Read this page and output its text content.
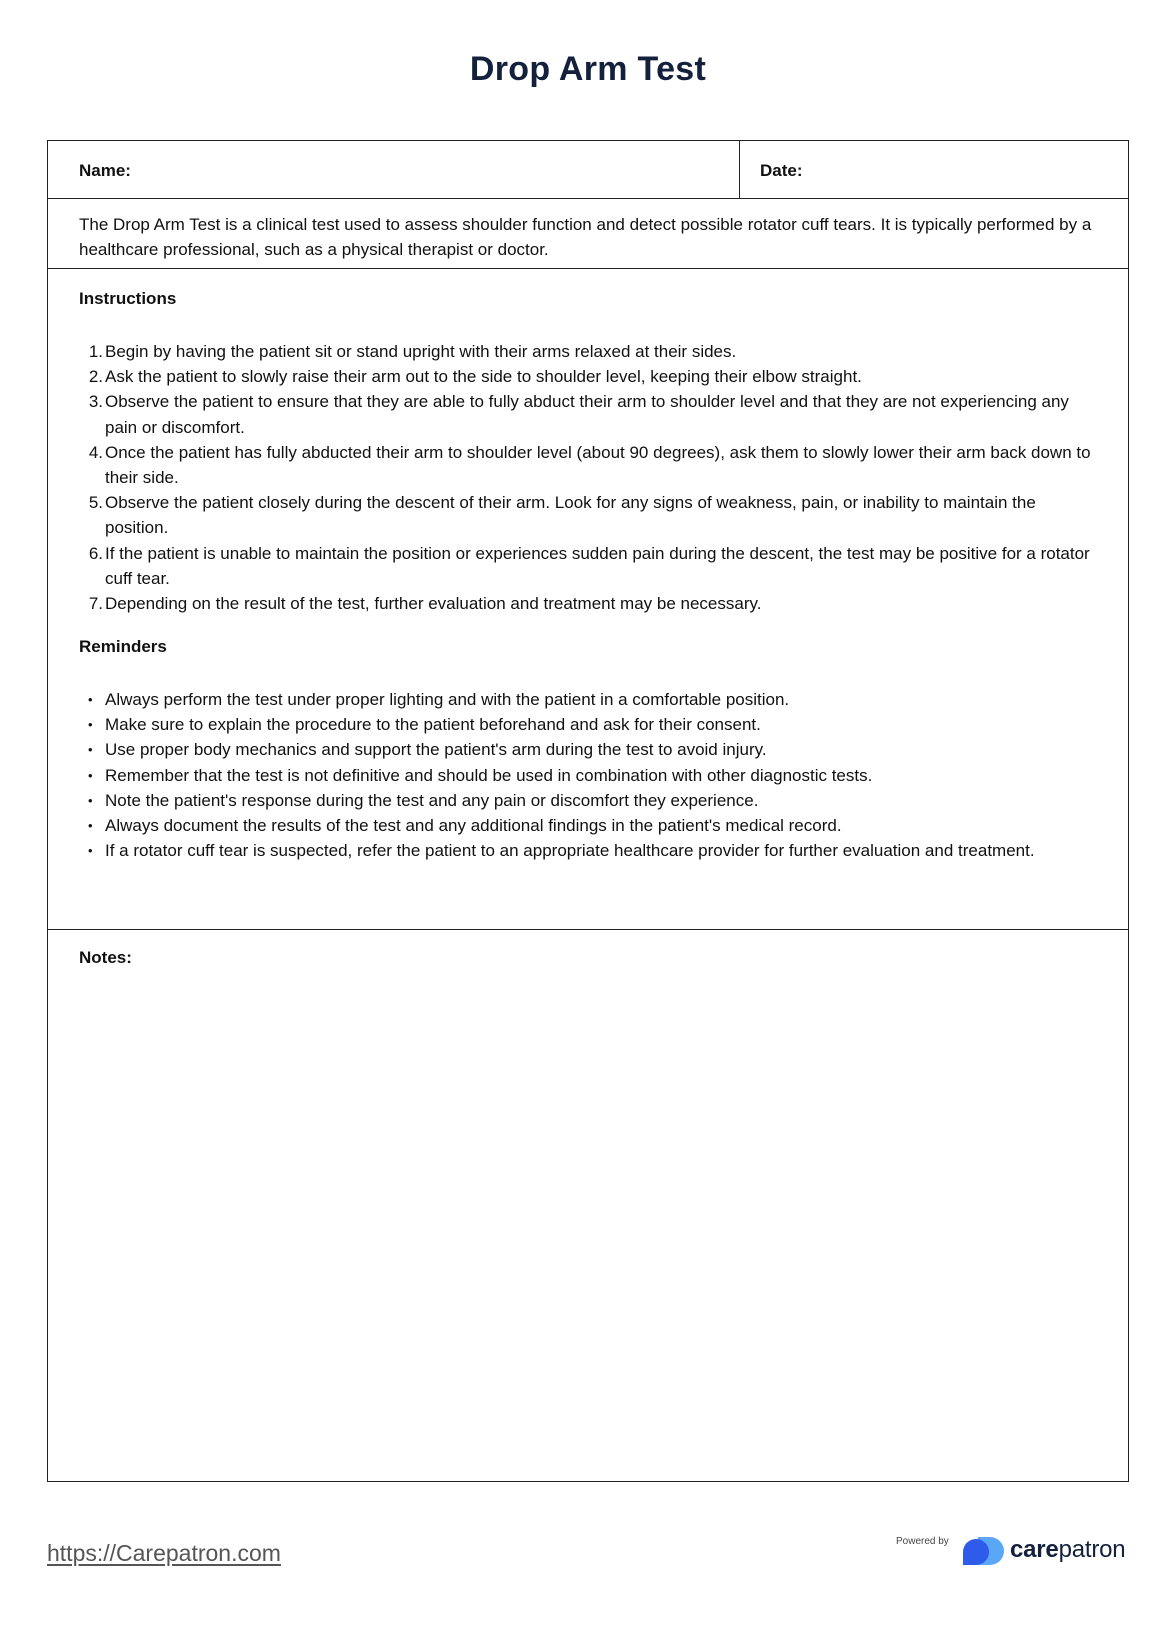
Drop Arm Test
Name:	Date:
The Drop Arm Test is a clinical test used to assess shoulder function and detect possible rotator cuff tears. It is typically performed by a healthcare professional, such as a physical therapist or doctor.
Instructions
1. Begin by having the patient sit or stand upright with their arms relaxed at their sides.
2. Ask the patient to slowly raise their arm out to the side to shoulder level, keeping their elbow straight.
3. Observe the patient to ensure that they are able to fully abduct their arm to shoulder level and that they are not experiencing any pain or discomfort.
4. Once the patient has fully abducted their arm to shoulder level (about 90 degrees), ask them to slowly lower their arm back down to their side.
5. Observe the patient closely during the descent of their arm. Look for any signs of weakness, pain, or inability to maintain the position.
6. If the patient is unable to maintain the position or experiences sudden pain during the descent, the test may be positive for a rotator cuff tear.
7. Depending on the result of the test, further evaluation and treatment may be necessary.
Reminders
• Always perform the test under proper lighting and with the patient in a comfortable position.
• Make sure to explain the procedure to the patient beforehand and ask for their consent.
• Use proper body mechanics and support the patient's arm during the test to avoid injury.
• Remember that the test is not definitive and should be used in combination with other diagnostic tests.
• Note the patient's response during the test and any pain or discomfort they experience.
• Always document the results of the test and any additional findings in the patient's medical record.
• If a rotator cuff tear is suspected, refer the patient to an appropriate healthcare provider for further evaluation and treatment.
Notes:
https://Carepatron.com	Powered by	carepatron
